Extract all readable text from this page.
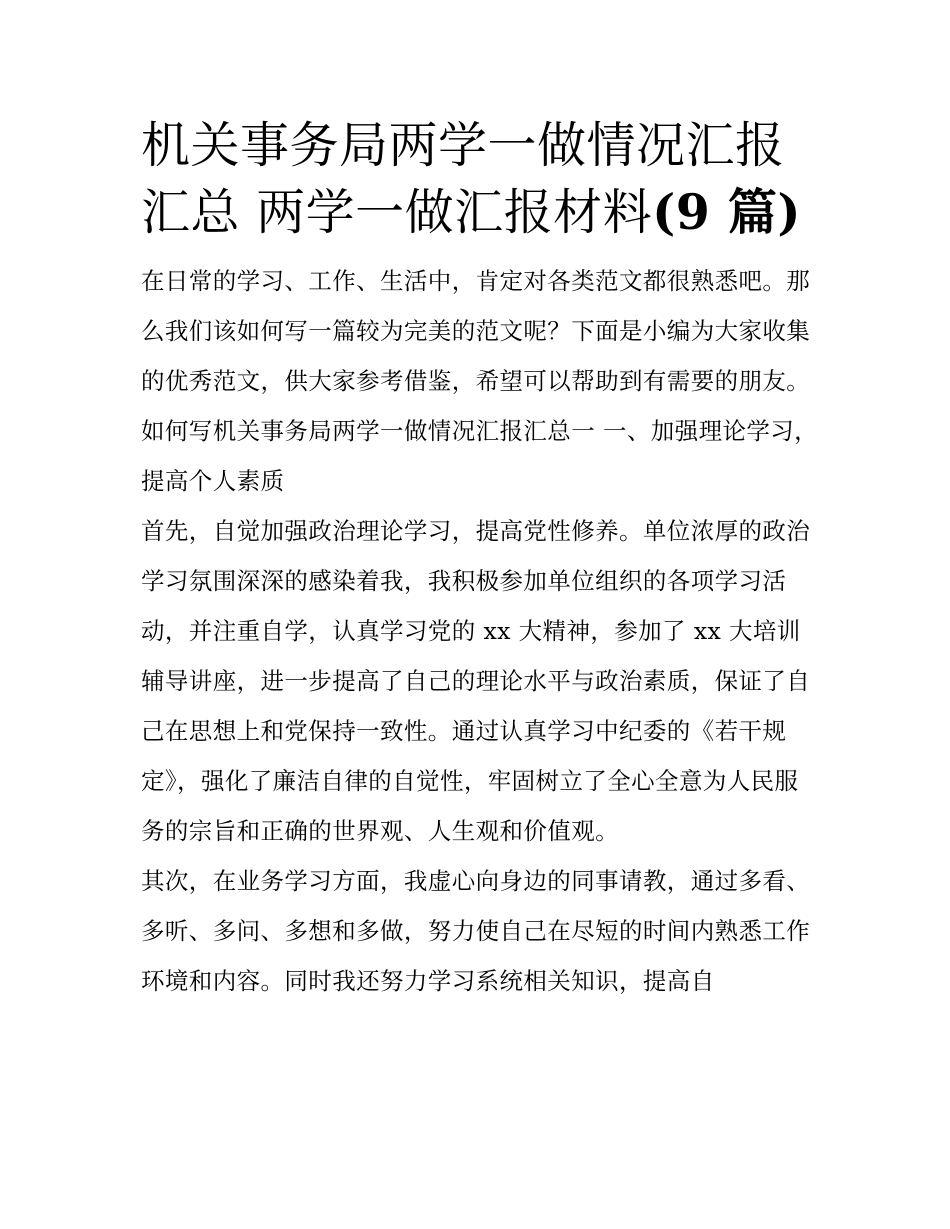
机关事务局两学一做情况汇报
汇总 两学一做汇报材料(9 篇)

在日常的学习、工作、生活中，肯定对各类范文都很熟悉吧。那么我们该如何写一篇较为完美的范文呢？下面是小编为大家收集的优秀范文，供大家参考借鉴，希望可以帮助到有需要的朋友。

如何写机关事务局两学一做情况汇报汇总一 一、加强理论学习，提高个人素质

首先，自觉加强政治理论学习，提高党性修养。单位浓厚的政治学习氛围深深的感染着我，我积极参加单位组织的各项学习活动，并注重自学，认真学习党的 xx 大精神，参加了 xx 大培训辅导讲座，进一步提高了自己的理论水平与政治素质，保证了自己在思想上和党保持一致性。通过认真学习中纪委的《若干规定》，强化了廉洁自律的自觉性，牢固树立了全心全意为人民服务的宗旨和正确的世界观、人生观和价值观。

其次，在业务学习方面，我虚心向身边的同事请教，通过多看、多听、多问、多想和多做，努力使自己在尽短的时间内熟悉工作环境和内容。同时我还努力学习系统相关知识，提高自
